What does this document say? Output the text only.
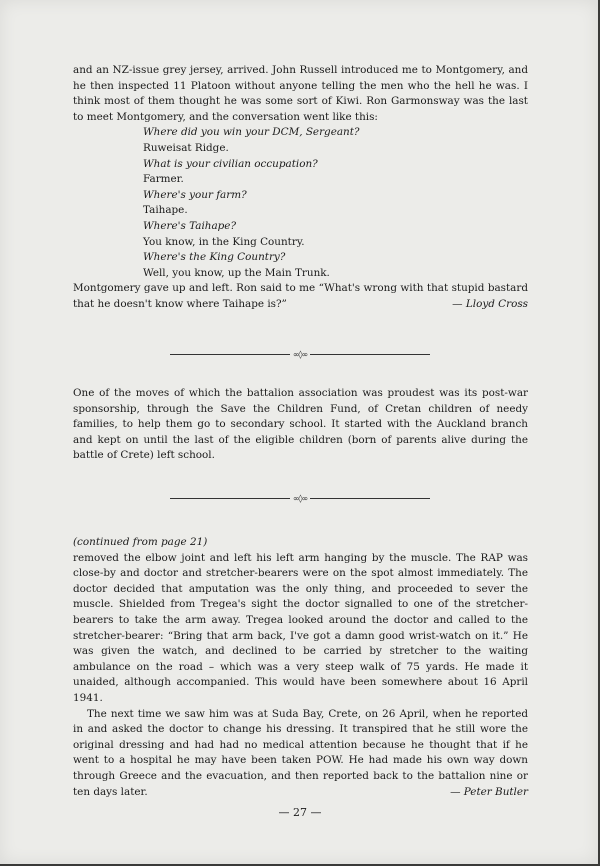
and an NZ-issue grey jersey, arrived. John Russell introduced me to Montgomery, and he then inspected 11 Platoon without anyone telling the men who the hell he was. I think most of them thought he was some sort of Kiwi. Ron Garmonsway was the last to meet Montgomery, and the conversation went like this:

Where did you win your DCM, Sergeant?
Ruweisat Ridge.
What is your civilian occupation?
Farmer.
Where's your farm?
Taihape.
Where's Taihape?
You know, in the King Country.
Where's the King Country?
Well, you know, up the Main Trunk.

Montgomery gave up and left. Ron said to me “What's wrong with that stupid bastard that he doesn't know where Taihape is?”	— Lloyd Cross

∞◊∞

One of the moves of which the battalion association was proudest was its post-war sponsorship, through the Save the Children Fund, of Cretan children of needy families, to help them go to secondary school. It started with the Auckland branch and kept on until the last of the eligible children (born of parents alive during the battle of Crete) left school.

∞◊∞

(continued from page 21)

removed the elbow joint and left his left arm hanging by the muscle. The RAP was close-by and doctor and stretcher-bearers were on the spot almost immediately. The doctor decided that amputation was the only thing, and proceeded to sever the muscle. Shielded from Tregea's sight the doctor signalled to one of the stretcher-bearers to take the arm away. Tregea looked around the doctor and called to the stretcher-bearer: “Bring that arm back, I've got a damn good wrist-watch on it.” He was given the watch, and declined to be carried by stretcher to the waiting ambulance on the road – which was a very steep walk of 75 yards. He made it unaided, although accompanied. This would have been somewhere about 16 April 1941.

The next time we saw him was at Suda Bay, Crete, on 26 April, when he reported in and asked the doctor to change his dressing. It transpired that he still wore the original dressing and had had no medical attention because he thought that if he went to a hospital he may have been taken POW. He had made his own way down through Greece and the evacuation, and then reported back to the battalion nine or ten days later.	— Peter Butler

— 27 —
